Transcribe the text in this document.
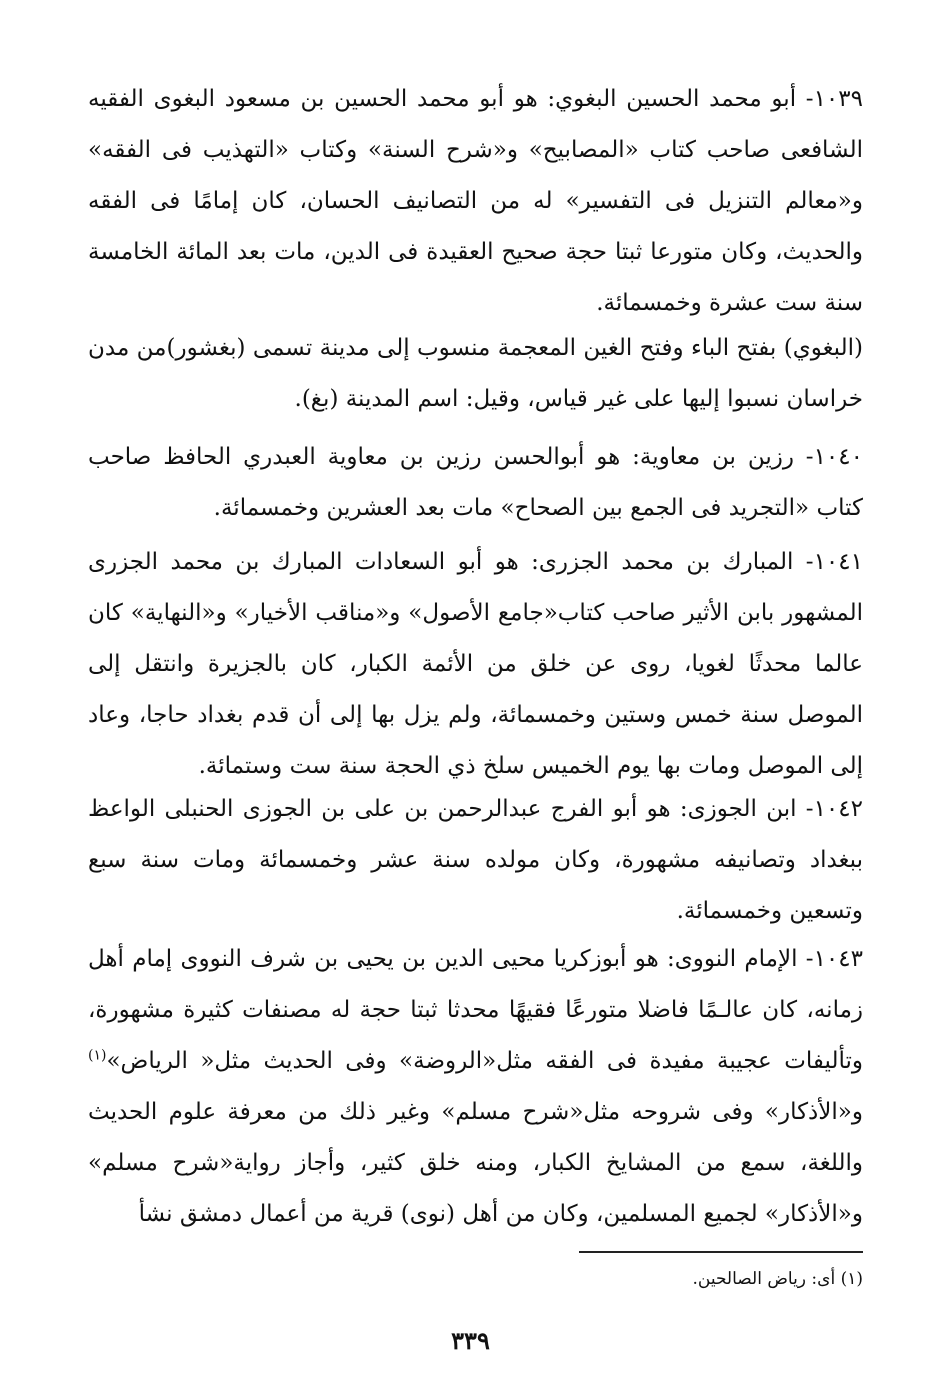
١٠٣٩- أبو محمد الحسين البغوي: هو أبو محمد الحسين بن مسعود البغوى الفقيه الشافعى صاحب كتاب «المصابيح» و«شرح السنة» وكتاب «التهذيب فى الفقه» و«معالم التنزيل فى التفسير» له من التصانيف الحسان، كان إمامًا فى الفقه والحديث، وكان متورعا ثبتا حجة صحيح العقيدة فى الدين، مات بعد المائة الخامسة سنة ست عشرة وخمسمائة.

(البغوي) بفتح الباء وفتح الغين المعجمة منسوب إلى مدينة تسمى (بغشور)من مدن خراسان نسبوا إليها على غير قياس، وقيل: اسم المدينة (بغ).

١٠٤٠- رزين بن معاوية: هو أبوالحسن رزين بن معاوية العبدري الحافظ صاحب كتاب «التجريد فى الجمع بين الصحاح» مات بعد العشرين وخمسمائة.

١٠٤١- المبارك بن محمد الجزرى: هو أبو السعادات المبارك بن محمد الجزرى المشهور بابن الأثير صاحب كتاب«جامع الأصول» و«مناقب الأخيار» و«النهاية» كان عالما محدثًا لغويا، روى عن خلق من الأئمة الكبار، كان بالجزيرة وانتقل إلى الموصل سنة خمس وستين وخمسمائة، ولم يزل بها إلى أن قدم بغداد حاجا، وعاد إلى الموصل ومات بها يوم الخميس سلخ ذي الحجة سنة ست وستمائة.

١٠٤٢- ابن الجوزى: هو أبو الفرج عبدالرحمن بن على بن الجوزى الحنبلى الواعظ ببغداد وتصانيفه مشهورة، وكان مولده سنة عشر وخمسمائة ومات سنة سبع وتسعين وخمسمائة.

١٠٤٣- الإمام النووى: هو أبوزكريا محيى الدين بن يحيى بن شرف النووى إمام أهل زمانه، كان عالـمًا فاضلا متورعًا فقيهًا محدثا ثبتا حجة له مصنفات كثيرة مشهورة، وتأليفات عجيبة مفيدة فى الفقه مثل«الروضة» وفى الحديث مثل« الرياض»$^{(١)}$ و«الأذكار» وفى شروحه مثل«شرح مسلم» وغير ذلك من معرفة علوم الحديث واللغة، سمع من المشايخ الكبار، ومنه خلق كثير، وأجاز رواية«شرح مسلم» و«الأذكار» لجميع المسلمين، وكان من أهل (نوى) قرية من أعمال دمشق نشأ

(١) أى: رياض الصالحين.
٣٣٩
